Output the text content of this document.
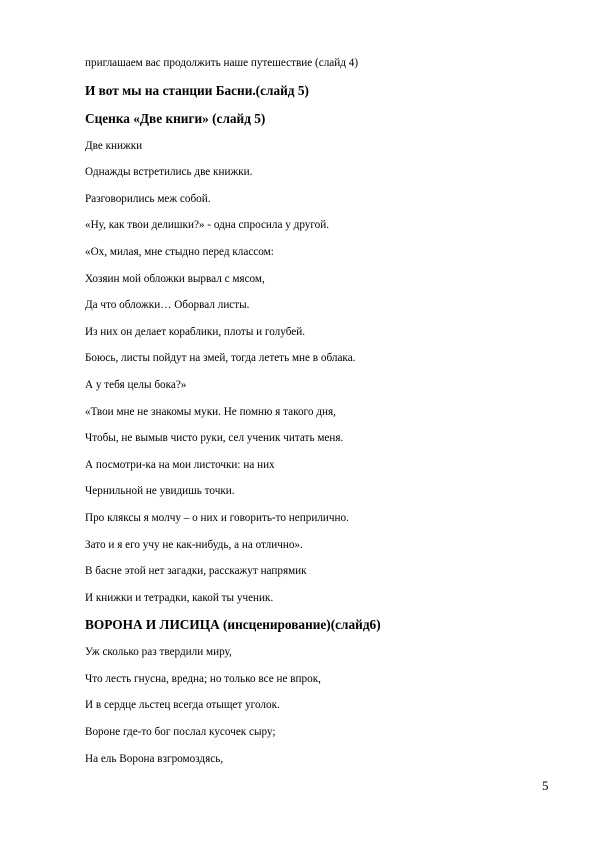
приглашаем вас продолжить наше путешествие (слайд 4)
И вот мы на станции Басни.(слайд 5)
Сценка «Две книги» (слайд 5)
Две книжки
Однажды встретились две книжки.
Разговорились меж собой.
«Ну, как твои делишки?» - одна спросила у другой.
«Ох, милая, мне стыдно перед классом:
Хозяин мой обложки вырвал с мясом,
Да что обложки… Оборвал листы.
Из них он делает кораблики, плоты и голубей.
Боюсь, листы пойдут на змей, тогда лететь мне в облака.
А у тебя целы бока?»
«Твои мне не знакомы муки. Не помню я такого дня,
Чтобы, не вымыв чисто руки, сел ученик читать меня.
А посмотри-ка на мои листочки: на них
Чернильной не увидишь точки.
Про кляксы я молчу – о них и говорить-то неприлично.
Зато и я его учу не как-нибудь, а на отлично».
В басне этой нет загадки, расскажут напрямик
И книжки и тетрадки, какой ты ученик.
ВОРОНА И ЛИСИЦА (инсценирование)(слайд6)
Уж сколько раз твердили миру,
Что лесть гнусна, вредна; но только все не впрок,
И в сердце льстец всегда отыщет уголок.
Вороне где-то бог послал кусочек сыру;
На ель Ворона взгромоздясь,
5
